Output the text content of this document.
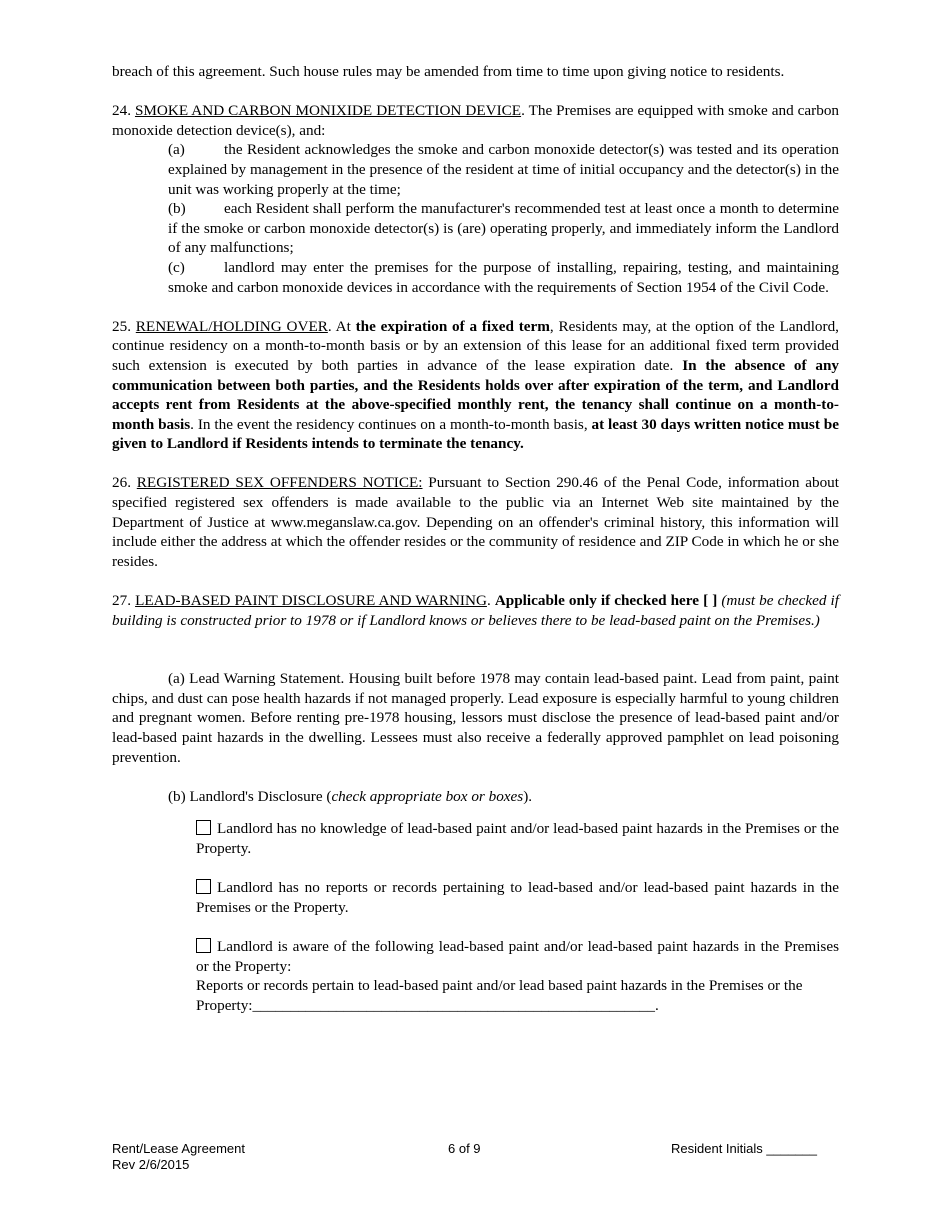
breach of this agreement. Such house rules may be amended from time to time upon giving notice to residents.

24. SMOKE AND CARBON MONIXIDE DETECTION DEVICE. The Premises are equipped with smoke and carbon monoxide detection device(s), and:

(a)	the Resident acknowledges the smoke and carbon monoxide detector(s) was tested and its operation explained by management in the presence of the resident at time of initial occupancy and the detector(s) in the unit was working properly at the time;

(b)	each Resident shall perform the manufacturer's recommended test at least once a month to determine if the smoke or carbon monoxide detector(s) is (are) operating properly, and immediately inform the Landlord of any malfunctions;

(c)	landlord may enter the premises for the purpose of installing, repairing, testing, and maintaining smoke and carbon monoxide devices in accordance with the requirements of Section 1954 of the Civil Code.

25. RENEWAL/HOLDING OVER. At the expiration of a fixed term, Residents may, at the option of the Landlord, continue residency on a month-to-month basis or by an extension of this lease for an additional fixed term provided such extension is executed by both parties in advance of the lease expiration date. In the absence of any communication between both parties, and the Residents holds over after expiration of the term, and Landlord accepts rent from Residents at the above-specified monthly rent, the tenancy shall continue on a month-to-month basis. In the event the residency continues on a month-to-month basis, at least 30 days written notice must be given to Landlord if Residents intends to terminate the tenancy.

26. REGISTERED SEX OFFENDERS NOTICE: Pursuant to Section 290.46 of the Penal Code, information about specified registered sex offenders is made available to the public via an Internet Web site maintained by the Department of Justice at www.meganslaw.ca.gov. Depending on an offender's criminal history, this information will include either the address at which the offender resides or the community of residence and ZIP Code in which he or she resides.

27. LEAD-BASED PAINT DISCLOSURE AND WARNING. Applicable only if checked here [ ] (must be checked if building is constructed prior to 1978 or if Landlord knows or believes there to be lead-based paint on the Premises.)

(a) Lead Warning Statement. Housing built before 1978 may contain lead-based paint. Lead from paint, paint chips, and dust can pose health hazards if not managed properly. Lead exposure is especially harmful to young children and pregnant women. Before renting pre-1978 housing, lessors must disclose the presence of lead-based paint and/or lead-based paint hazards in the dwelling. Lessees must also receive a federally approved pamphlet on lead poisoning prevention.

(b) Landlord's Disclosure (check appropriate box or boxes).

Landlord has no knowledge of lead-based paint and/or lead-based paint hazards in the Premises or the Property.

Landlord has no reports or records pertaining to lead-based and/or lead-based paint hazards in the Premises or the Property.

Landlord is aware of the following lead-based paint and/or lead-based paint hazards in the Premises or the Property:

Reports or records pertain to lead-based paint and/or lead based paint hazards in the Premises or the Property:_____________________________________________________.

Rent/Lease Agreement
Rev 2/6/2015
6 of 9	Resident Initials _______
